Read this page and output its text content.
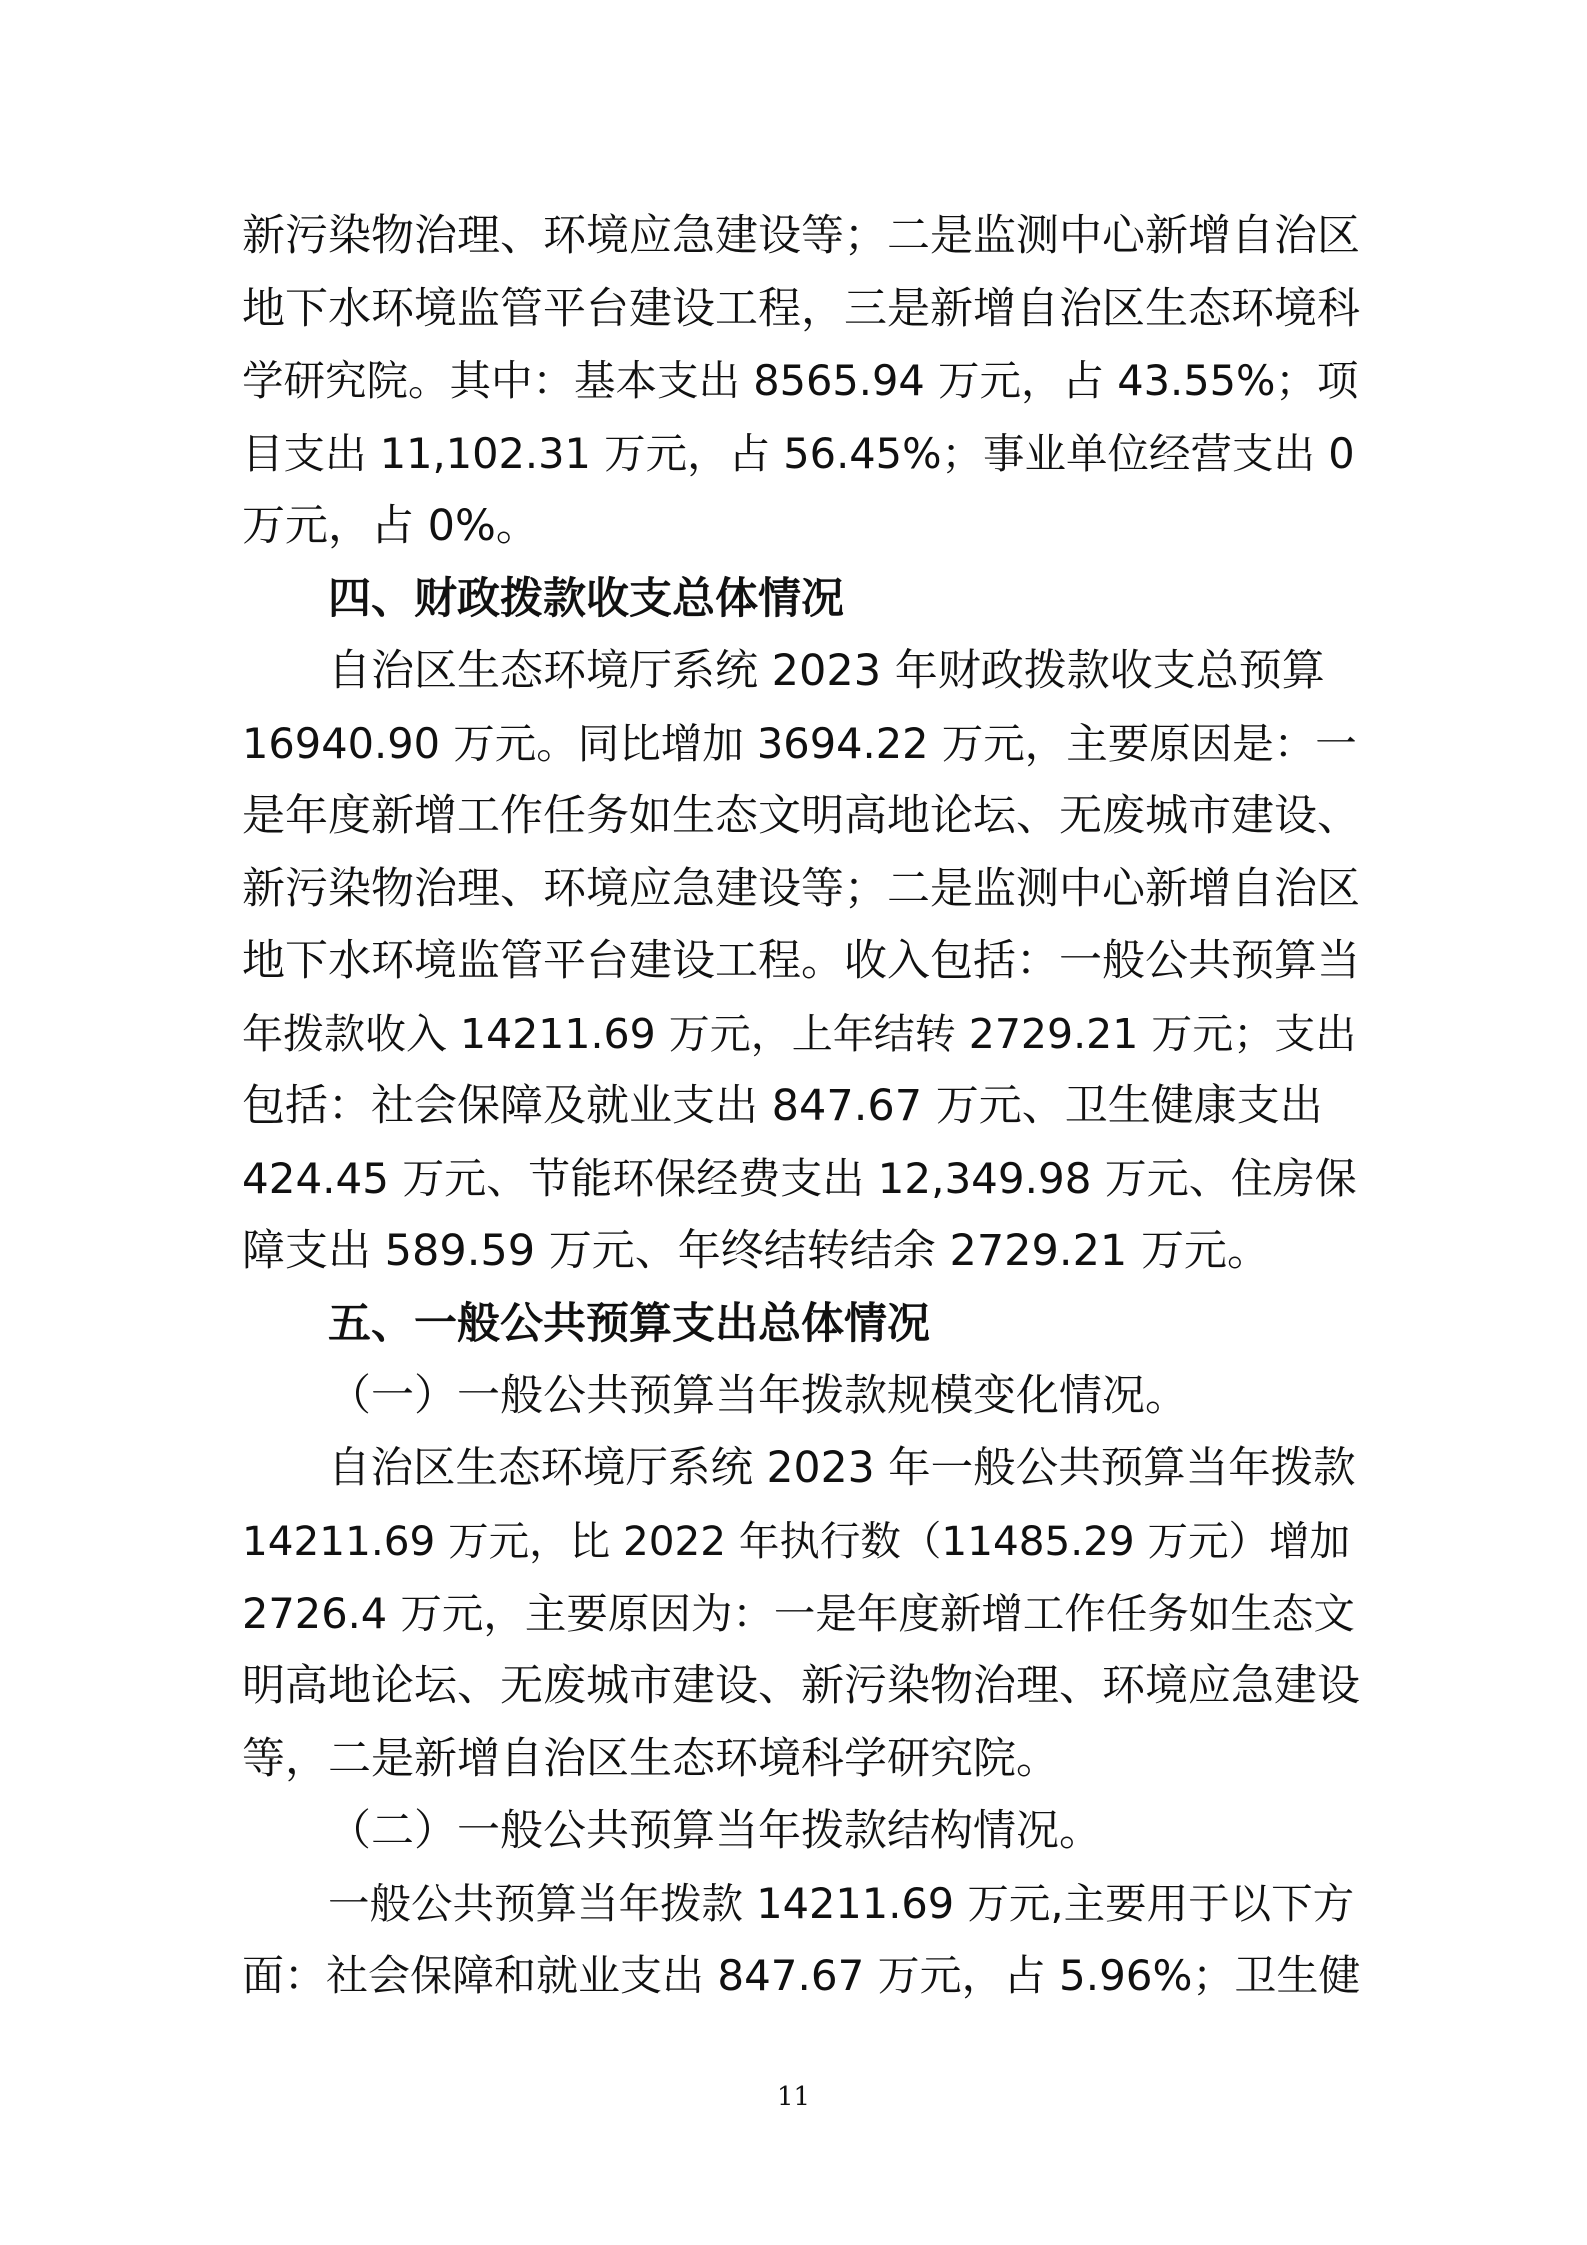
新污染物治理、环境应急建设等；二是监测中心新增自治区
地下水环境监管平台建设工程，三是新增自治区生态环境科
学研究院。其中：基本支出 8565.94 万元，占 43.55%；项
目支出 11,102.31 万元，占 56.45%；事业单位经营支出 0
万元，占 0%。
四、财政拨款收支总体情况
自治区生态环境厅系统 2023 年财政拨款收支总预算
16940.90 万元。同比增加 3694.22 万元，主要原因是：一
是年度新增工作任务如生态文明高地论坛、无废城市建设、
新污染物治理、环境应急建设等；二是监测中心新增自治区
地下水环境监管平台建设工程。收入包括：一般公共预算当
年拨款收入 14211.69 万元，上年结转 2729.21 万元；支出
包括：社会保障及就业支出 847.67 万元、卫生健康支出
424.45 万元、节能环保经费支出 12,349.98 万元、住房保
障支出 589.59 万元、年终结转结余 2729.21 万元。
五、一般公共预算支出总体情况
（一）一般公共预算当年拨款规模变化情况。
自治区生态环境厅系统 2023 年一般公共预算当年拨款
14211.69 万元，比 2022 年执行数（11485.29 万元）增加
2726.4 万元，主要原因为：一是年度新增工作任务如生态文
明高地论坛、无废城市建设、新污染物治理、环境应急建设
等，二是新增自治区生态环境科学研究院。
（二）一般公共预算当年拨款结构情况。
一般公共预算当年拨款 14211.69 万元,主要用于以下方
面：社会保障和就业支出 847.67 万元，占 5.96%；卫生健
11
